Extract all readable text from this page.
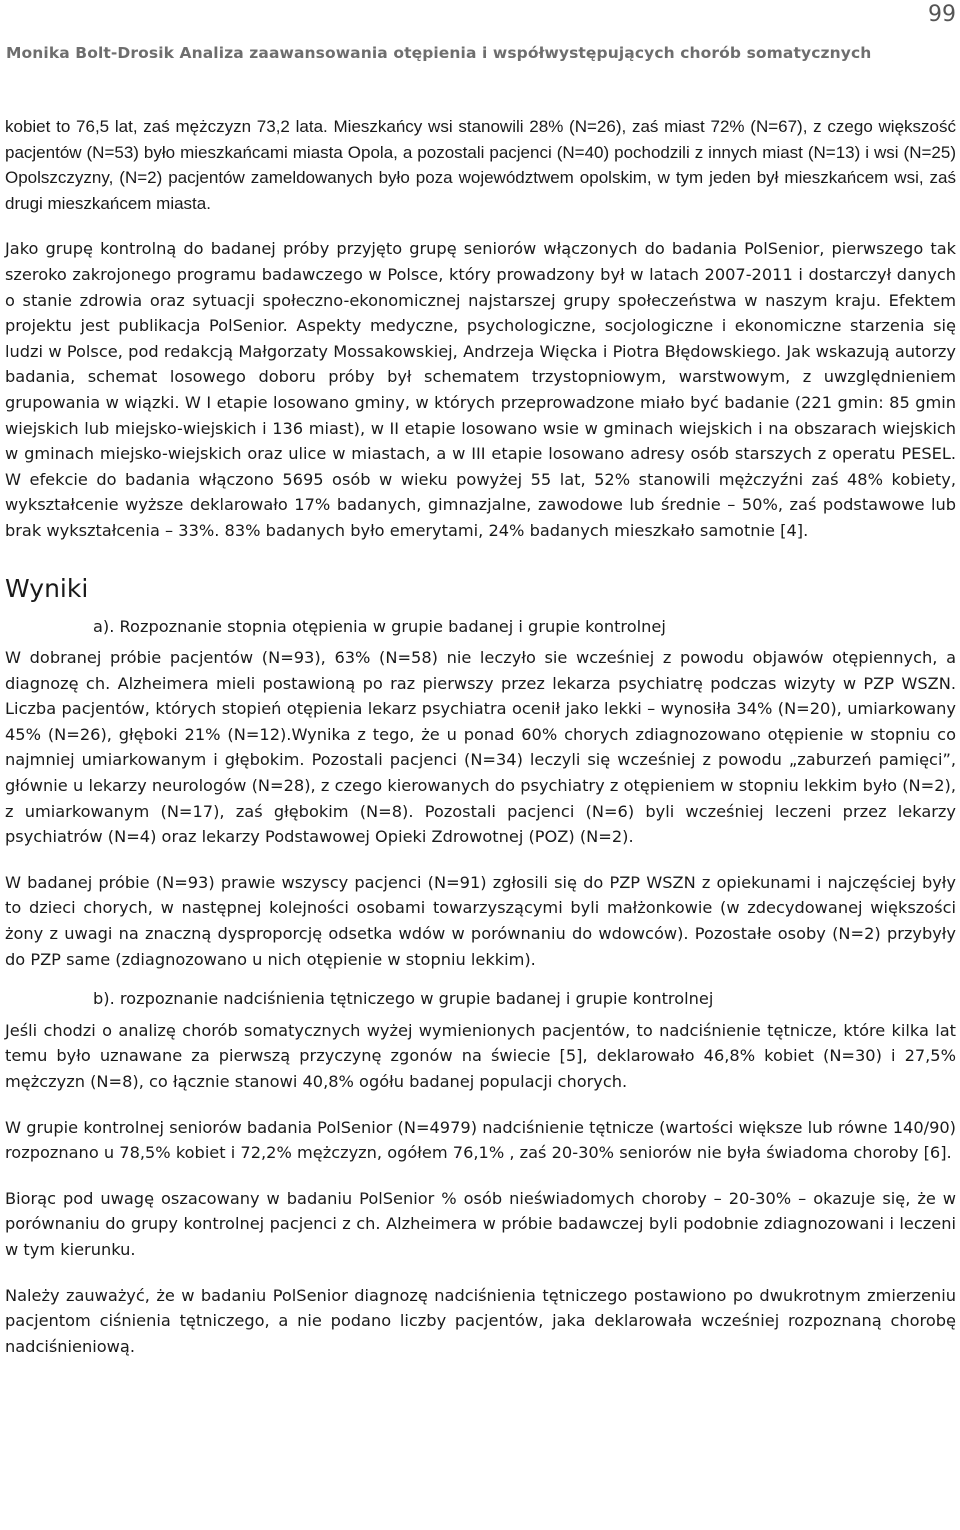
99
Monika Bolt-Drosik Analiza zaawansowania otępienia i współwystępujących chorób somatycznych

kobiet to 76,5 lat, zaś mężczyzn 73,2 lata. Mieszkańcy wsi stanowili 28% (N=26), zaś miast 72% (N=67), z czego większość pacjentów (N=53) było mieszkańcami miasta Opola, a pozostali pacjenci (N=40) pochodzili z innych miast (N=13) i wsi (N=25) Opolszczyzny, (N=2) pacjentów zameldowanych było poza województwem opolskim, w tym jeden był mieszkańcem wsi, zaś drugi mieszkańcem miasta.

Jako grupę kontrolną do badanej próby przyjęto grupę seniorów włączonych do badania PolSenior, pierwszego tak szeroko zakrojonego programu badawczego w Polsce, który prowadzony był w latach 2007-2011 i dostarczył danych o stanie zdrowia oraz sytuacji społeczno-ekonomicznej najstarszej grupy społeczeństwa w naszym kraju. Efektem projektu jest publikacja PolSenior. Aspekty medyczne, psychologiczne, socjologiczne i ekonomiczne starzenia się ludzi w Polsce, pod redakcją Małgorzaty Mossakowskiej, Andrzeja Więcka i Piotra Błędowskiego. Jak wskazują autorzy badania, schemat losowego doboru próby był schematem trzystopniowym, warstwowym, z uwzględnieniem grupowania w wiązki. W I etapie losowano gminy, w których przeprowadzone miało być badanie (221 gmin: 85 gmin wiejskich lub miejsko-wiejskich i 136 miast), w II etapie losowano wsie w gminach wiejskich i na obszarach wiejskich w gminach miejsko-wiejskich oraz ulice w miastach, a w III etapie losowano adresy osób starszych z operatu PESEL. W efekcie do badania włączono 5695 osób w wieku powyżej 55 lat, 52% stanowili mężczyźni zaś 48% kobiety, wykształcenie wyższe deklarowało 17% badanych, gimnazjalne, zawodowe lub średnie – 50%, zaś podstawowe lub brak wykształcenia – 33%. 83% badanych było emerytami, 24% badanych mieszkało samotnie [4].

Wyniki

a). Rozpoznanie stopnia otępienia w grupie badanej i grupie kontrolnej

W dobranej próbie pacjentów (N=93), 63% (N=58) nie leczyło sie wcześniej z powodu objawów otępiennych, a diagnozę ch. Alzheimera mieli postawioną po raz pierwszy przez lekarza psychiatrę podczas wizyty w PZP WSZN. Liczba pacjentów, których stopień otępienia lekarz psychiatra ocenił jako lekki – wynosiła 34% (N=20), umiarkowany 45% (N=26), głęboki 21% (N=12).Wynika z tego, że u ponad 60% chorych zdiagnozowano otępienie w stopniu co najmniej umiarkowanym i głębokim. Pozostali pacjenci (N=34) leczyli się wcześniej z powodu „zaburzeń pamięci”, głównie u lekarzy neurologów (N=28), z czego kierowanych do psychiatry z otępieniem w stopniu lekkim było (N=2), z umiarkowanym (N=17), zaś głębokim (N=8). Pozostali pacjenci (N=6) byli wcześniej leczeni przez lekarzy psychiatrów (N=4) oraz lekarzy Podstawowej Opieki Zdrowotnej (POZ) (N=2).

W badanej próbie (N=93) prawie wszyscy pacjenci (N=91) zgłosili się do PZP WSZN z opiekunami i najczęściej były to dzieci chorych, w następnej kolejności osobami towarzyszącymi byli małżonkowie (w zdecydowanej większości żony z uwagi na znaczną dysproporcję odsetka wdów w porównaniu do wdowców). Pozostałe osoby (N=2) przybyły do PZP same (zdiagnozowano u nich otępienie w stopniu lekkim).

b). rozpoznanie nadciśnienia tętniczego w grupie badanej i grupie kontrolnej

Jeśli chodzi o analizę chorób somatycznych wyżej wymienionych pacjentów, to nadciśnienie tętnicze, które kilka lat temu było uznawane za pierwszą przyczynę zgonów na świecie [5], deklarowało 46,8% kobiet (N=30) i 27,5% mężczyzn (N=8), co łącznie stanowi 40,8% ogółu badanej populacji chorych.

W grupie kontrolnej seniorów badania PolSenior (N=4979) nadciśnienie tętnicze (wartości większe lub równe 140/90) rozpoznano u 78,5% kobiet i 72,2% mężczyzn, ogółem 76,1% , zaś 20-30% seniorów nie była świadoma choroby [6].

Biorąc pod uwagę oszacowany w badaniu PolSenior % osób nieświadomych choroby – 20-30% – okazuje się, że w porównaniu do grupy kontrolnej pacjenci z ch. Alzheimera w próbie badawczej byli podobnie zdiagnozowani i leczeni w tym kierunku.

Należy zauważyć, że w badaniu PolSenior diagnozę nadciśnienia tętniczego postawiono po dwukrotnym zmierzeniu pacjentom ciśnienia tętniczego, a nie podano liczby pacjentów, jaka deklarowała wcześniej rozpoznaną chorobę nadciśnieniową.
